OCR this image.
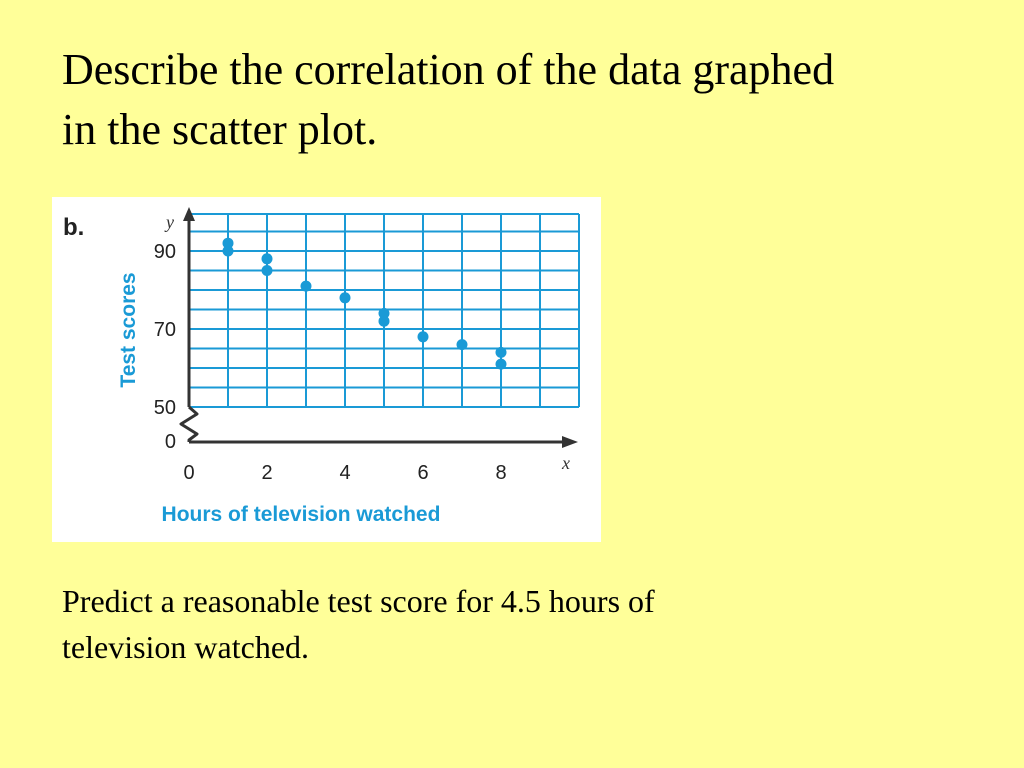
Describe the correlation of the data graphed
in the scatter plot.
b.
0	2	4	6	8
50
70
90
0
Test scores
Hours of television watched
x
y
Predict a reasonable test score for 4.5 hours of
television watched.
